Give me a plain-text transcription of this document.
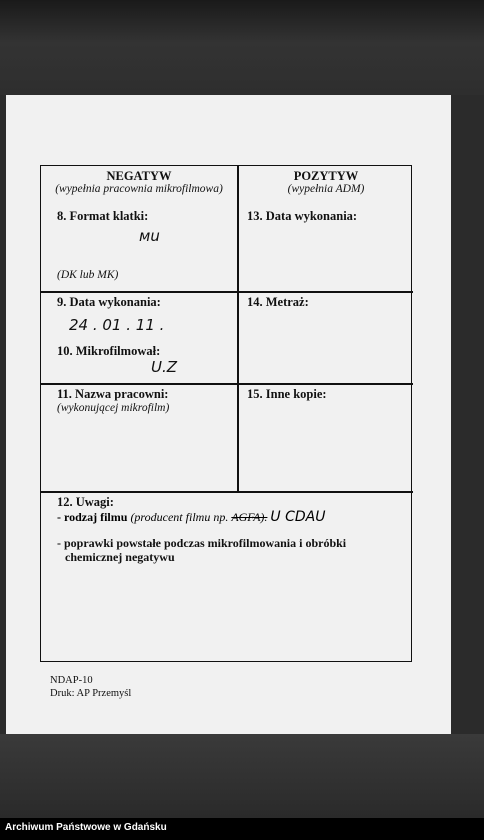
NEGATYW
(wypełnia pracownia mikrofilmowa)
8. Format klatki:
мu
(DK lub MK)
POZYTYW
(wypełnia ADM)
13. Data wykonania:
9. Data wykonania:
24 . 01 . 11 .
10. Mikrofilmował:
U.Z
14. Metraż:
11. Nazwa pracowni:
(wykonującej mikrofilm)
15. Inne kopie:
12. Uwagi:
- rodzaj filmu (producent filmu np. AGFA). U CDAU
- poprawki powstałe podczas mikrofilmowania i obróbki
chemicznej negatywu
NDAP-10
Druk: AP Przemyśl
Archiwum Państwowe w Gdańsku
